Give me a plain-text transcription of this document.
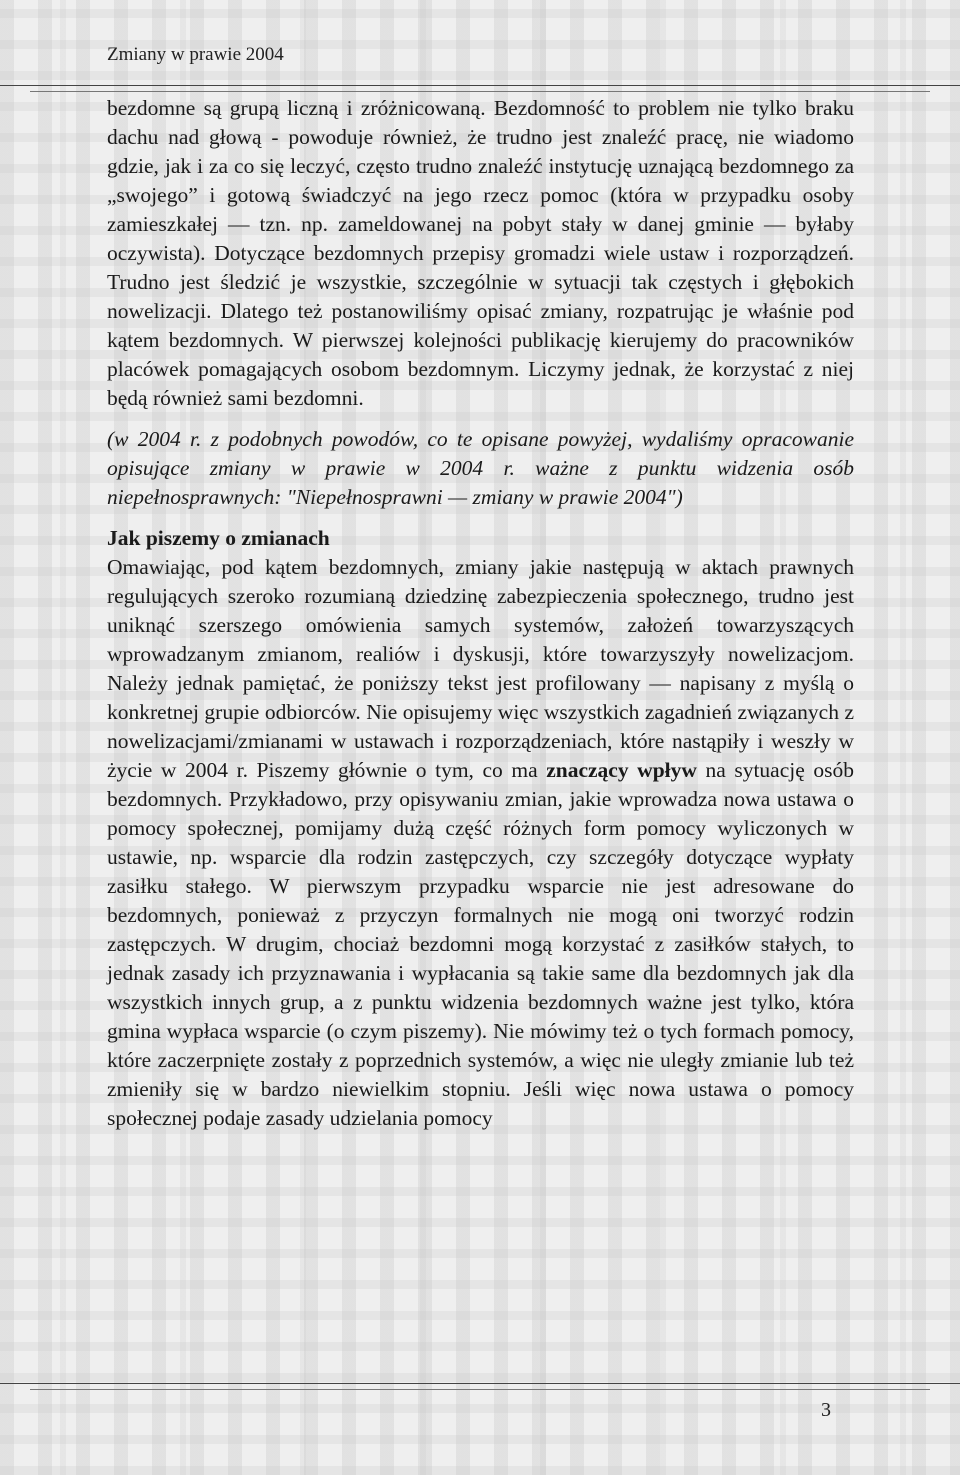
Zmiany w prawie 2004

bezdomne są grupą liczną i zróżnicowaną. Bezdomność to problem nie tylko braku dachu nad głową - powoduje również, że trudno jest znaleźć pracę, nie wiadomo gdzie, jak i za co się leczyć, często trudno znaleźć instytucję uznającą bezdomnego za „swojego” i gotową świadczyć na jego rzecz pomoc (która w przypadku osoby zamieszkałej — tzn. np. zameldowanej na pobyt stały w danej gminie — byłaby oczywista). Dotyczące bezdomnych przepisy gromadzi wiele ustaw i rozporządzeń. Trudno jest śledzić je wszystkie, szczególnie w sytuacji tak częstych i głębokich nowelizacji. Dlatego też postanowiliśmy opisać zmiany, rozpatrując je właśnie pod kątem bezdomnych. W pierwszej kolejności publikację kierujemy do pracowników placówek pomagających osobom bezdomnym. Liczymy jednak, że korzystać z niej będą również sami bezdomni.

(w 2004 r. z podobnych powodów, co te opisane powyżej, wydaliśmy opracowanie opisujące zmiany w prawie w 2004 r. ważne z punktu widzenia osób niepełnosprawnych: "Niepełnosprawni — zmiany w prawie 2004")

Jak piszemy o zmianach

Omawiając, pod kątem bezdomnych, zmiany jakie następują w aktach prawnych regulujących szeroko rozumianą dziedzinę zabezpieczenia społecznego, trudno jest uniknąć szerszego omówienia samych systemów, założeń towarzyszących wprowadzanym zmianom, realiów i dyskusji, które towarzyszyły nowelizacjom. Należy jednak pamiętać, że poniższy tekst jest profilowany — napisany z myślą o konkretnej grupie odbiorców. Nie opisujemy więc wszystkich zagadnień związanych z nowelizacjami/zmianami w ustawach i rozporządzeniach, które nastąpiły i weszły w życie w 2004 r. Piszemy głównie o tym, co ma znaczący wpływ na sytuację osób bezdomnych. Przykładowo, przy opisywaniu zmian, jakie wprowadza nowa ustawa o pomocy społecznej, pomijamy dużą część różnych form pomocy wyliczonych w ustawie, np. wsparcie dla rodzin zastępczych, czy szczegóły dotyczące wypłaty zasiłku stałego. W pierwszym przypadku wsparcie nie jest adresowane do bezdomnych, ponieważ z przyczyn formalnych nie mogą oni tworzyć rodzin zastępczych. W drugim, chociaż bezdomni mogą korzystać z zasiłków stałych, to jednak zasady ich przyznawania i wypłacania są takie same dla bezdomnych jak dla wszystkich innych grup, a z punktu widzenia bezdomnych ważne jest tylko, która gmina wypłaca wsparcie (o czym piszemy). Nie mówimy też o tych formach pomocy, które zaczerpnięte zostały z poprzednich systemów, a więc nie uległy zmianie lub też zmieniły się w bardzo niewielkim stopniu. Jeśli więc nowa ustawa o pomocy społecznej podaje zasady udzielania pomocy

3
